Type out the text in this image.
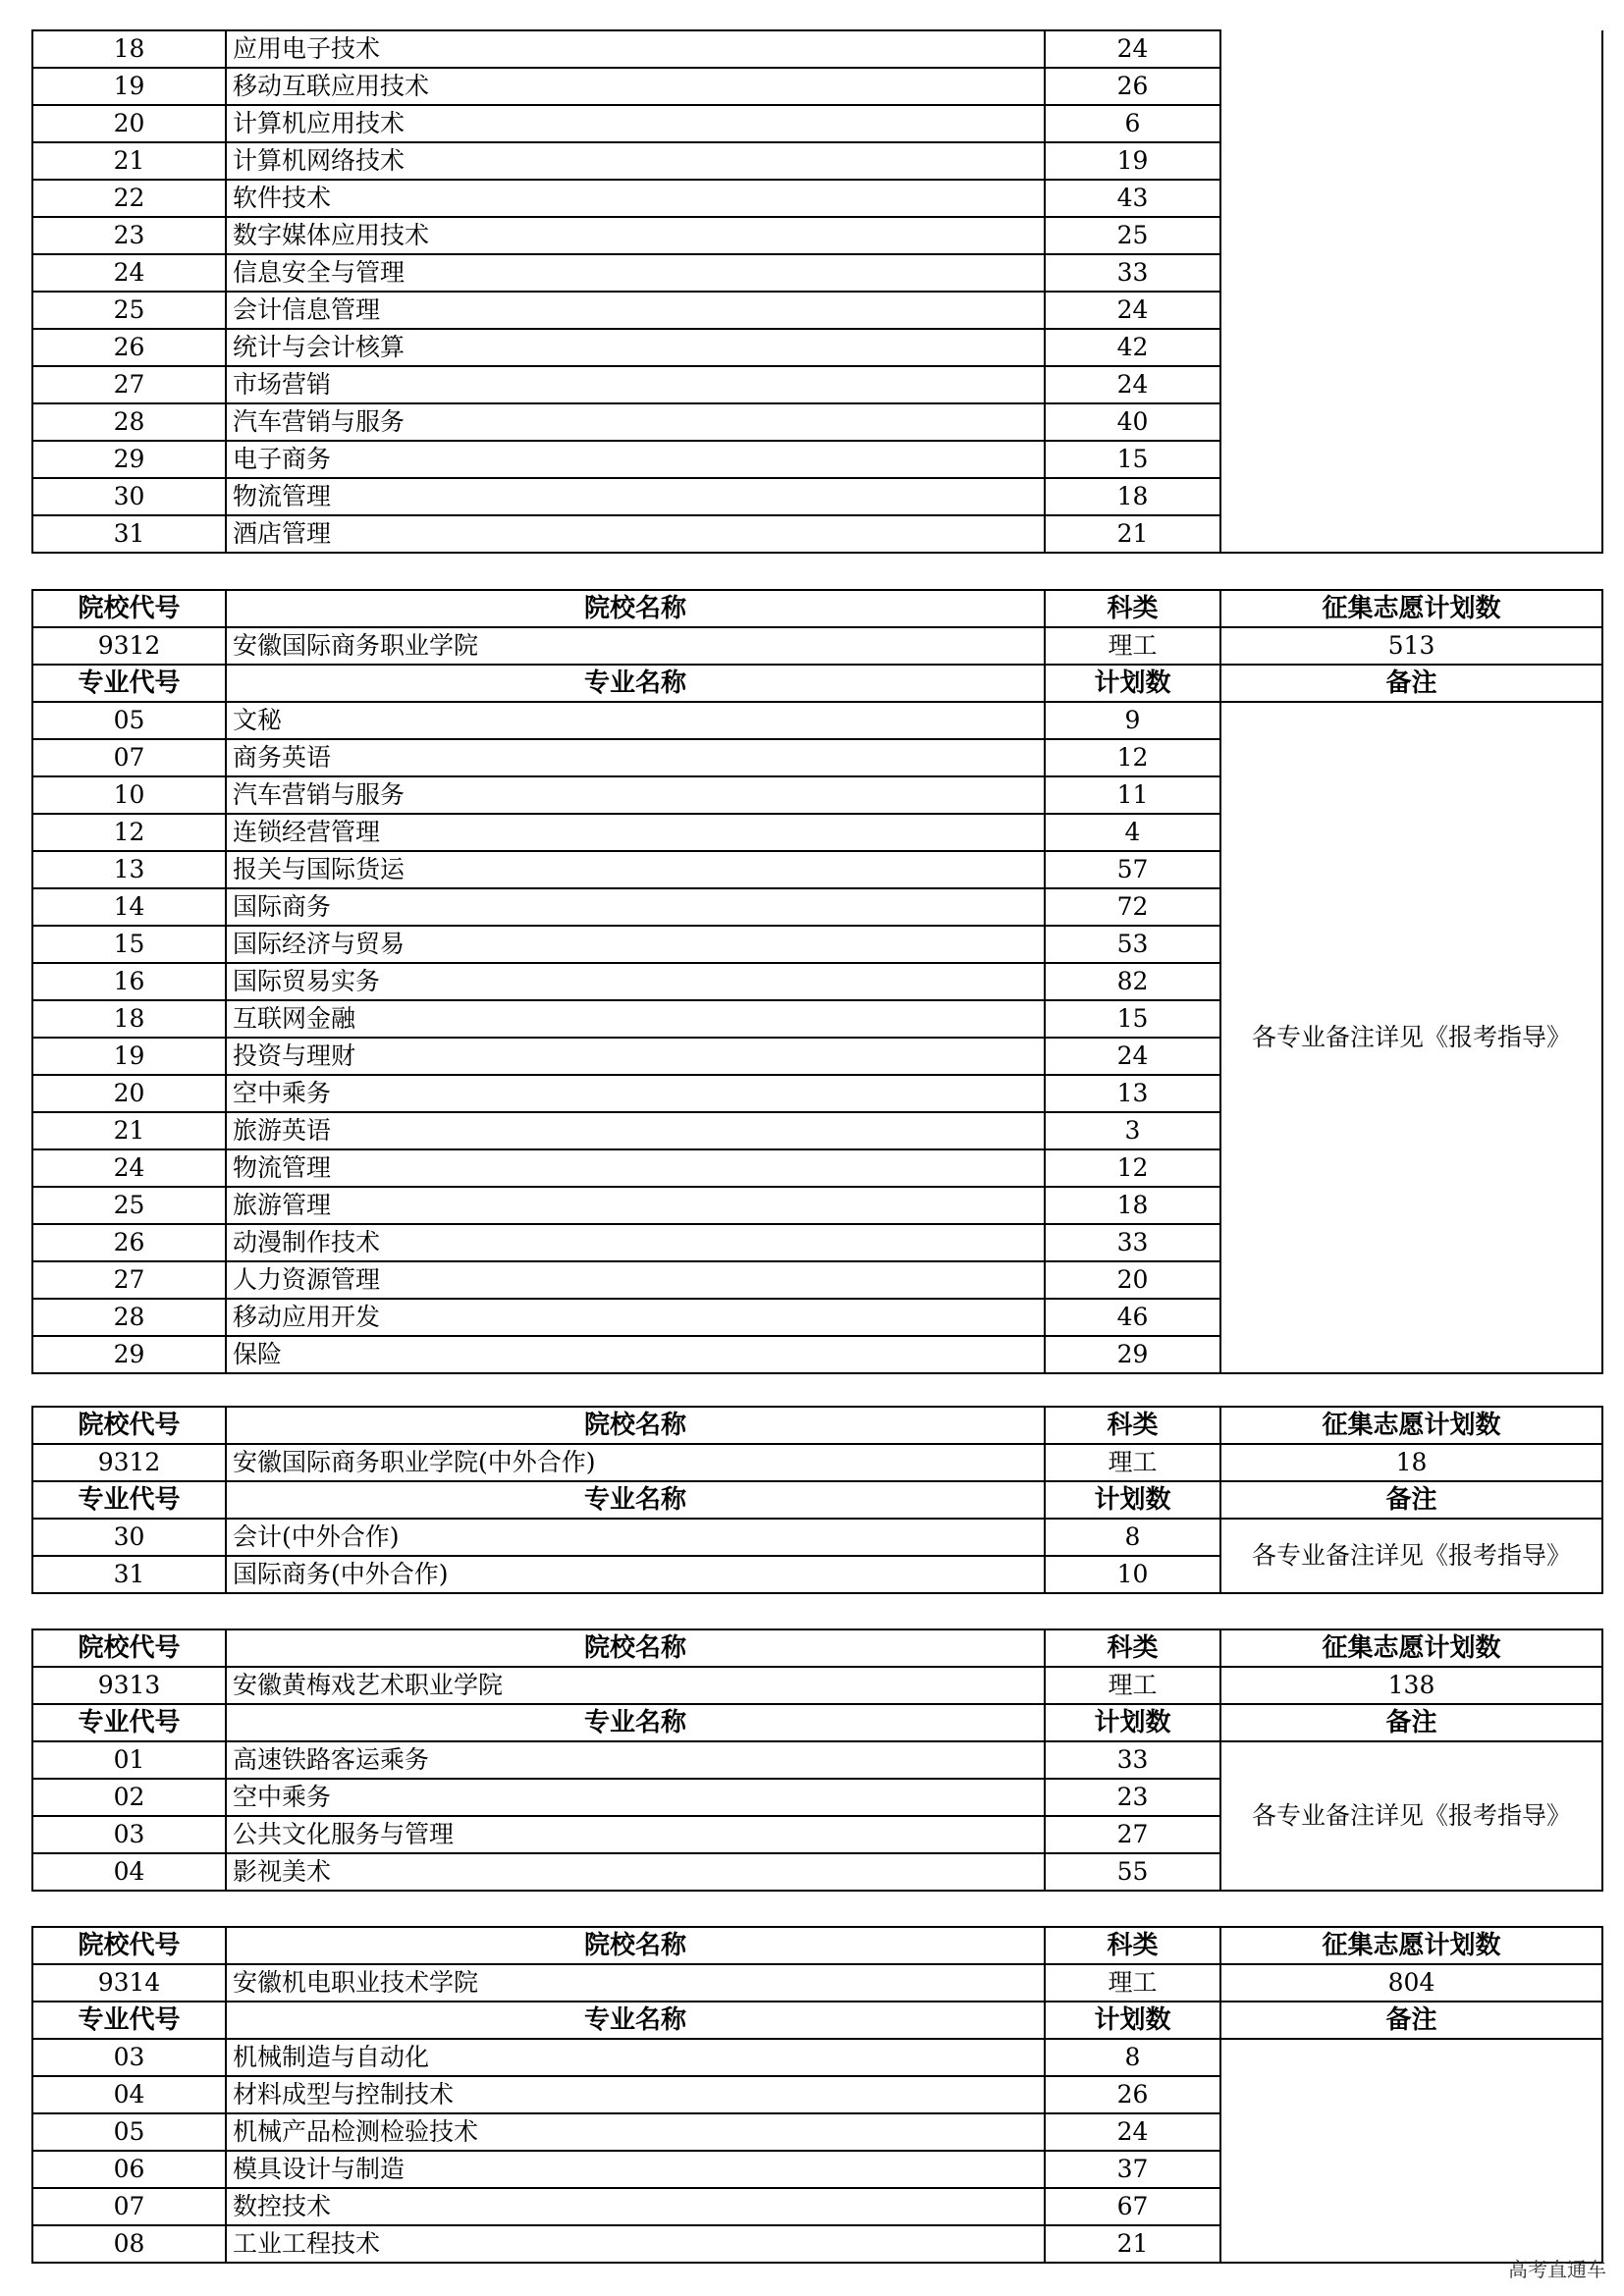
18	应用电子技术	24	
19	移动互联应用技术	26	
20	计算机应用技术	6	
21	计算机网络技术	19	
22	软件技术	43	
23	数字媒体应用技术	25	
24	信息安全与管理	33	
25	会计信息管理	24	
26	统计与会计核算	42	
27	市场营销	24	
28	汽车营销与服务	40	
29	电子商务	15	
30	物流管理	18	
31	酒店管理	21	
院校代号	院校名称	科类	征集志愿计划数
9312	安徽国际商务职业学院	理工	513
专业代号	专业名称	计划数	备注
05	文秘	9	各专业备注详见《报考指导》
07	商务英语	12	
10	汽车营销与服务	11	
12	连锁经营管理	4	
13	报关与国际货运	57	
14	国际商务	72	
15	国际经济与贸易	53	
16	国际贸易实务	82	
18	互联网金融	15	
19	投资与理财	24	
20	空中乘务	13	
21	旅游英语	3	
24	物流管理	12	
25	旅游管理	18	
26	动漫制作技术	33	
27	人力资源管理	20	
28	移动应用开发	46	
29	保险	29	
院校代号	院校名称	科类	征集志愿计划数
9312	安徽国际商务职业学院(中外合作)	理工	18
专业代号	专业名称	计划数	备注
30	会计(中外合作)	8	各专业备注详见《报考指导》
31	国际商务(中外合作)	10	
院校代号	院校名称	科类	征集志愿计划数
9313	安徽黄梅戏艺术职业学院	理工	138
专业代号	专业名称	计划数	备注
01	高速铁路客运乘务	33	各专业备注详见《报考指导》
02	空中乘务	23	
03	公共文化服务与管理	27	
04	影视美术	55	
院校代号	院校名称	科类	征集志愿计划数
9314	安徽机电职业技术学院	理工	804
专业代号	专业名称	计划数	备注
03	机械制造与自动化	8	
04	材料成型与控制技术	26	
05	机械产品检测检验技术	24	
06	模具设计与制造	37	
07	数控技术	67	
08	工业工程技术	21	
高考直通车
